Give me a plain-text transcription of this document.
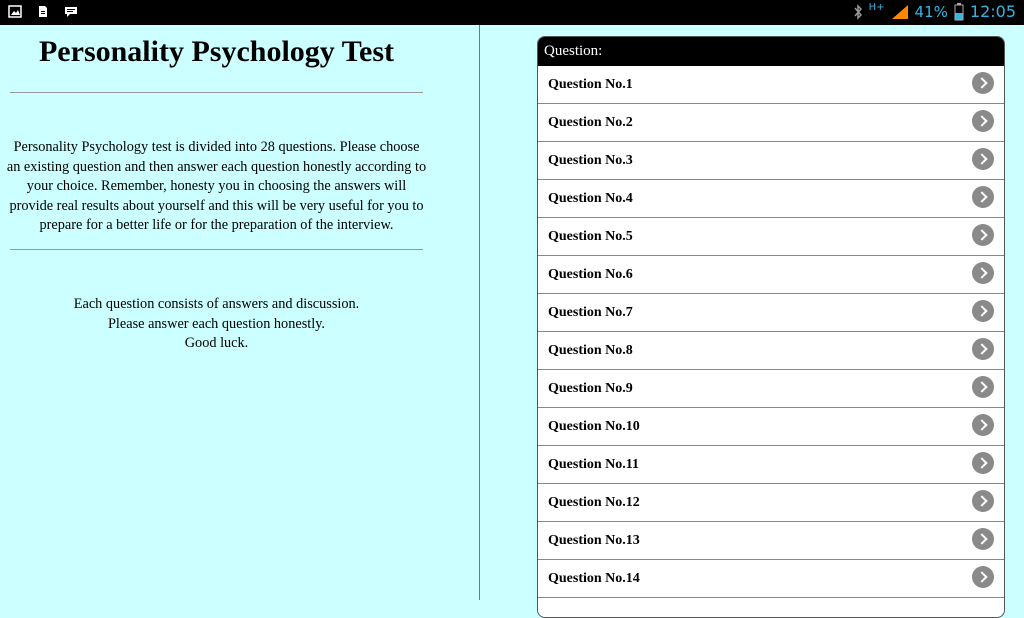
H+ 41% 12:05
Personality Psychology Test

Personality Psychology test is divided into 28 questions. Please choose an existing question and then answer each question honestly according to your choice. Remember, honesty you in choosing the answers will provide real results about yourself and this will be very useful for you to prepare for a better life or for the preparation of the interview.

Each question consists of answers and discussion.
Please answer each question honestly.
Good luck.
Question:
Question No.1
Question No.2
Question No.3
Question No.4
Question No.5
Question No.6
Question No.7
Question No.8
Question No.9
Question No.10
Question No.11
Question No.12
Question No.13
Question No.14
